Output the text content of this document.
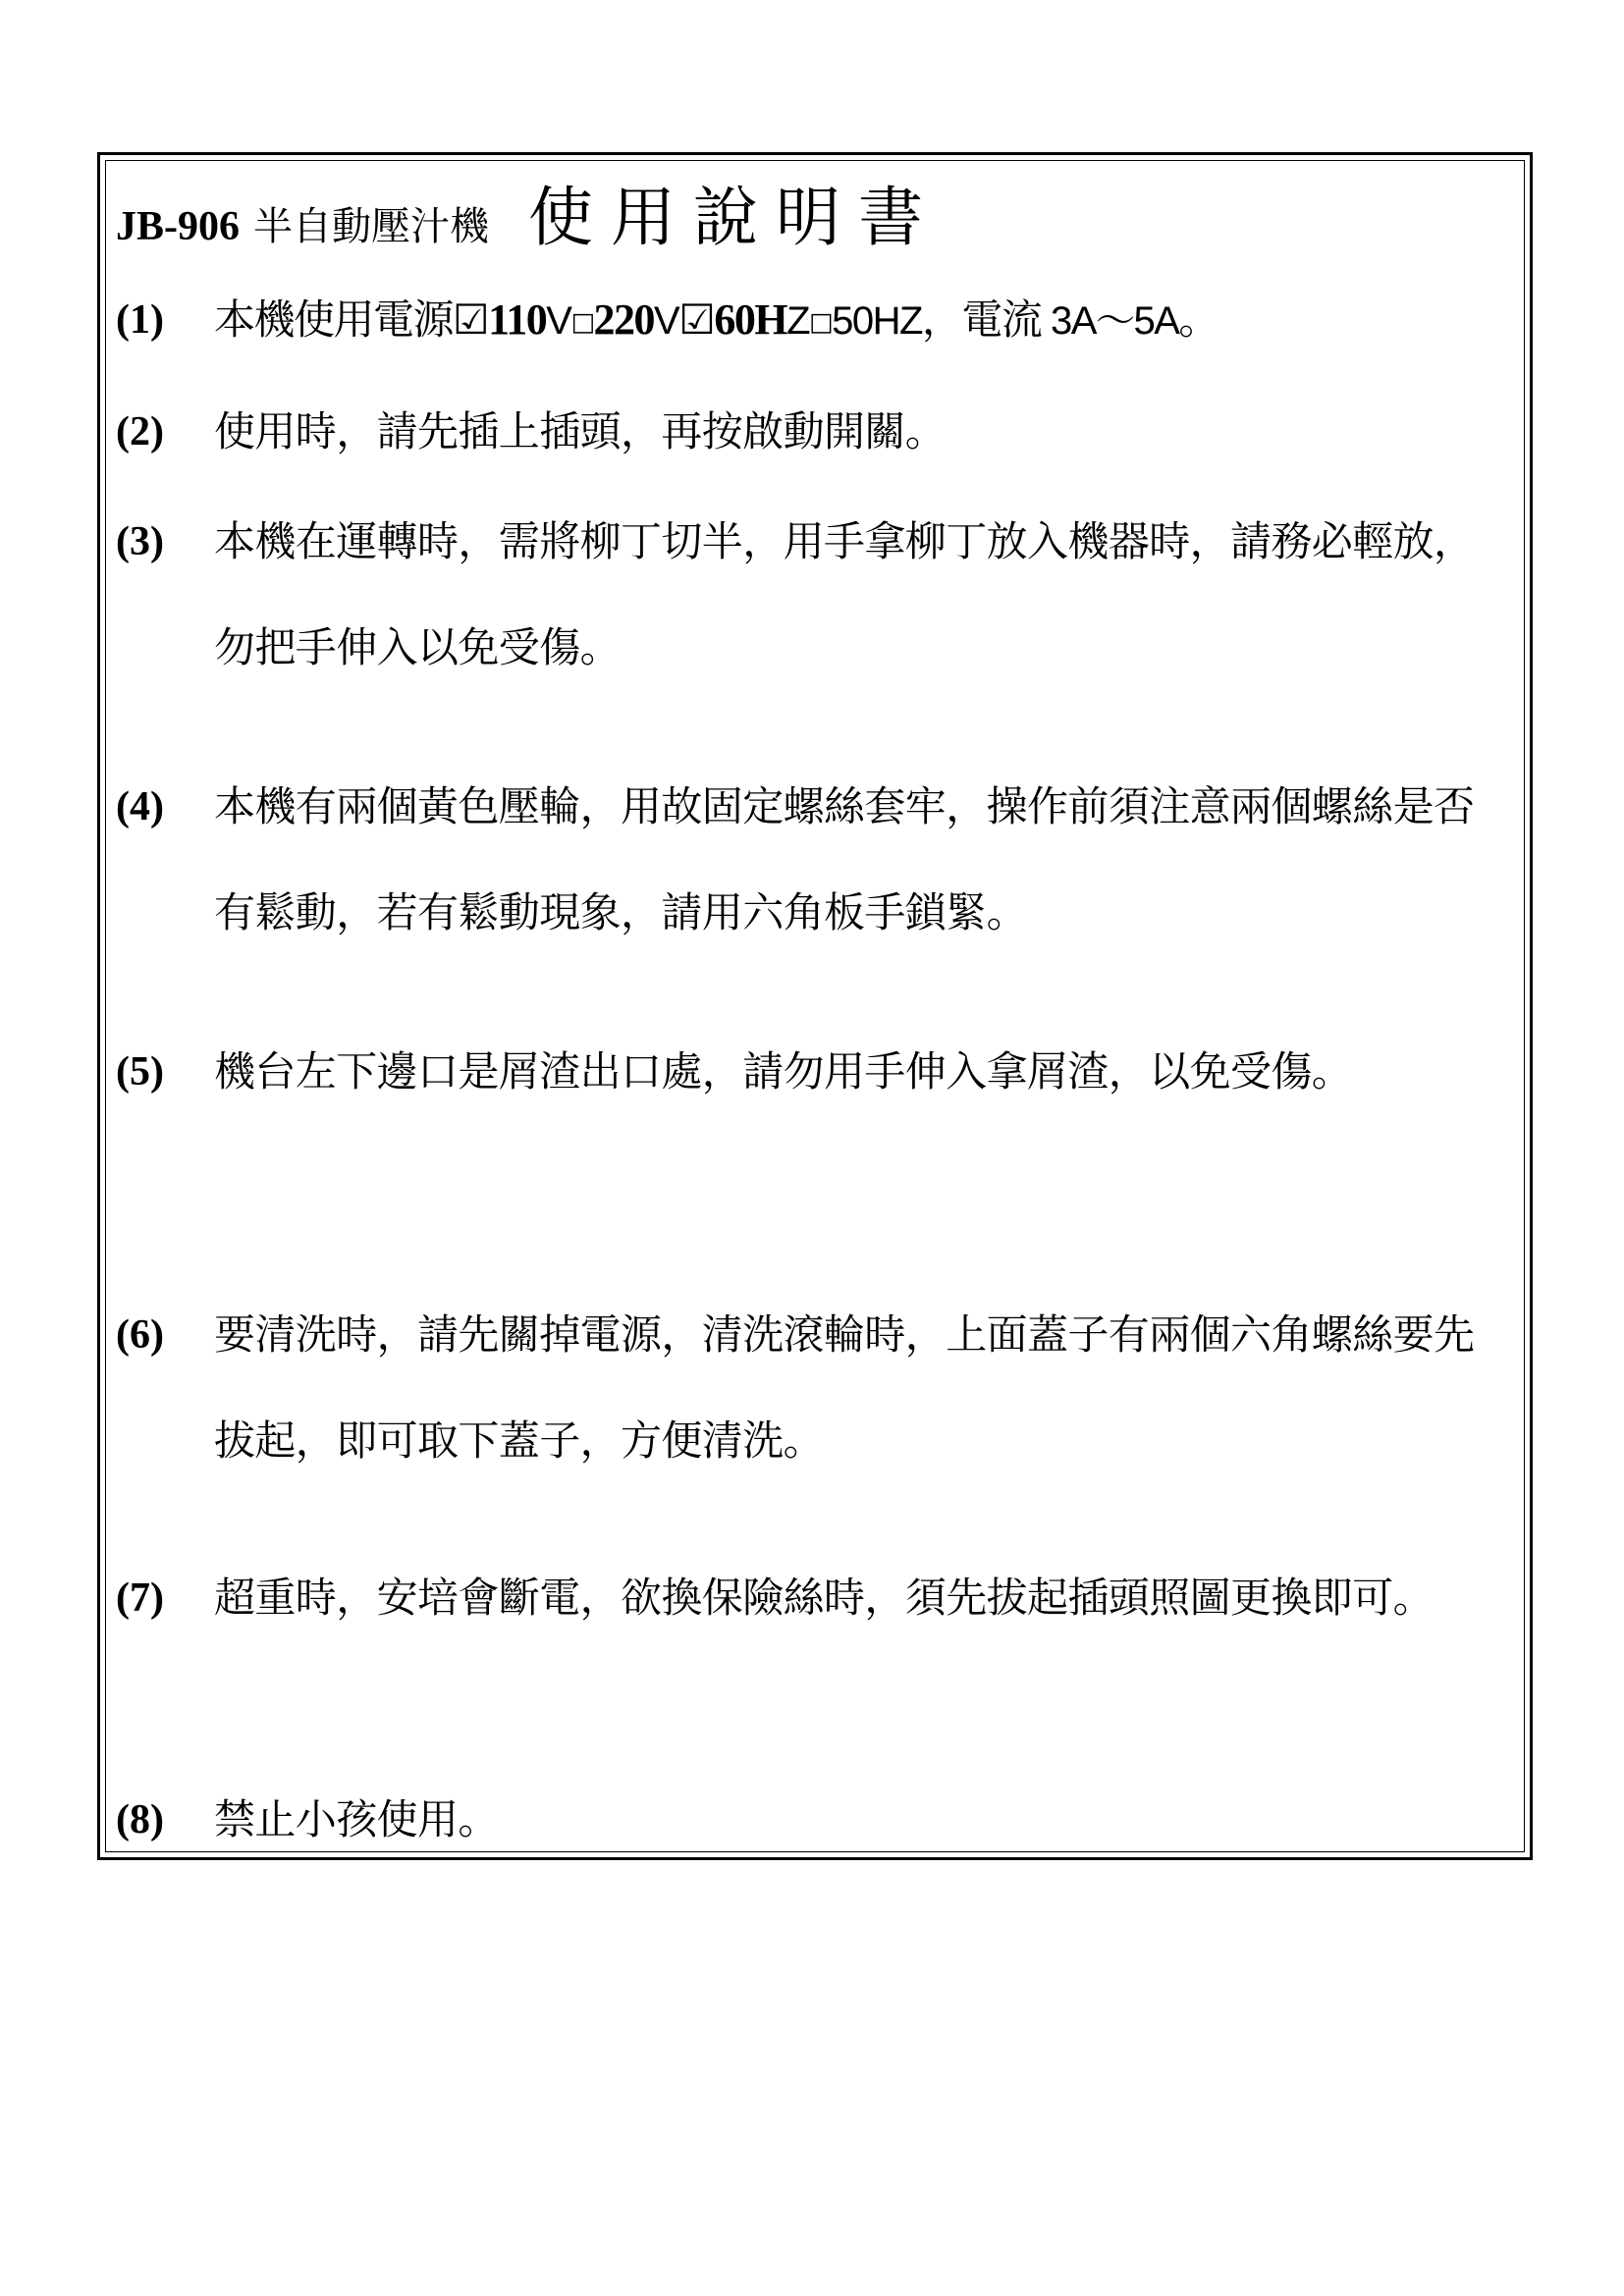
JB-906 半自動壓汁機 使用說明書
(1)	本機使用電源☑110V□220V☑60HZ□50HZ，電流 3A～5A。
(2)	使用時，請先插上插頭，再按啟動開關。
(3)	本機在運轉時，需將柳丁切半，用手拿柳丁放入機器時，請務必輕放，勿把手伸入以免受傷。
(4)	本機有兩個黃色壓輪，用故固定螺絲套牢，操作前須注意兩個螺絲是否有鬆動，若有鬆動現象，請用六角板手鎖緊。
(5)	機台左下邊口是屑渣出口處，請勿用手伸入拿屑渣，以免受傷。
(6)	要清洗時，請先關掉電源，清洗滾輪時，上面蓋子有兩個六角螺絲要先拔起，即可取下蓋子，方便清洗。
(7)	超重時，安培會斷電，欲換保險絲時，須先拔起插頭照圖更換即可。
(8)	禁止小孩使用。
